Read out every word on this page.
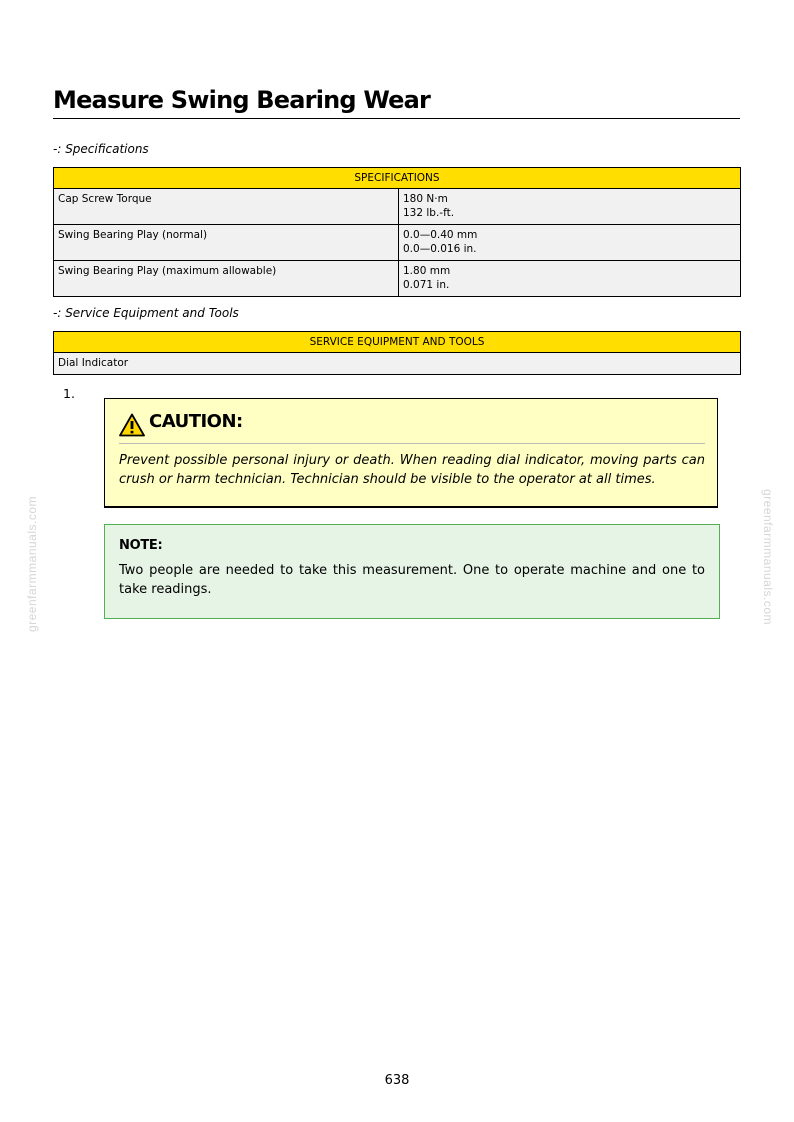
Measure Swing Bearing Wear
-: Specifications
SPECIFICATIONS	
Cap Screw Torque	180 N·m
132 lb.-ft.

Swing Bearing Play (normal)	0.0—0.40 mm
0.0—0.016 in.

Swing Bearing Play (maximum allowable)	1.80 mm
0.071 in.
-: Service Equipment and Tools
SERVICE EQUIPMENT AND TOOLS
Dial Indicator
1.
CAUTION:
Prevent possible personal injury or death. When reading dial indicator, moving parts can crush or harm technician. Technician should be visible to the operator at all times.
NOTE:
Two people are needed to take this measurement. One to operate machine and one to take readings.
greenfarmmanuals.com	greenfarmmanuals.com
638
